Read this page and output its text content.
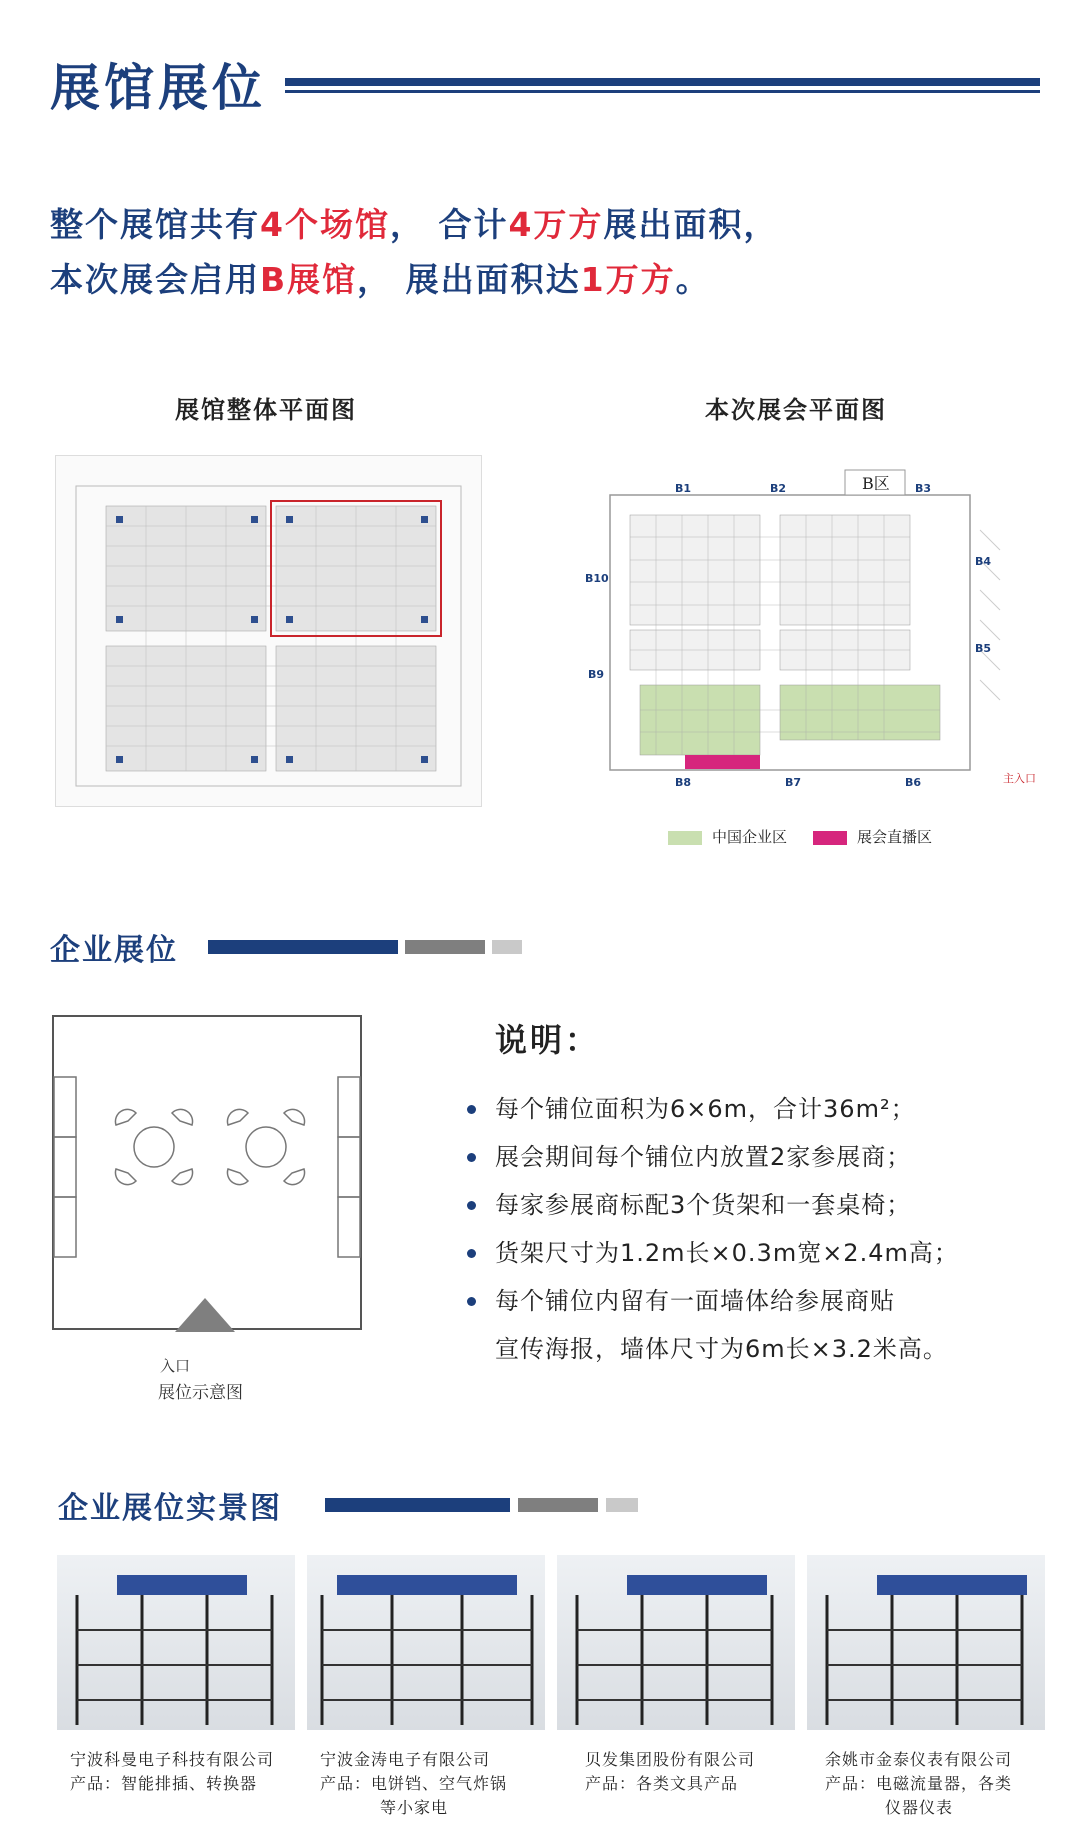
展馆展位
整个展馆共有4个场馆， 合计4万方展出面积，
本次展会启用B展馆， 展出面积达1万方。
展馆整体平面图	本次展会平面图
B区
B1	B2	B3
B4
B5
B6
B7
B8
B9
B10
主入口
中国企业区	展会直播区
企业展位
入口
展位示意图
说明：
每个铺位面积为6×6m，合计36m²；
展会期间每个铺位内放置2家参展商；
每家参展商标配3个货架和一套桌椅；
货架尺寸为1.2m长×0.3m宽×2.4m高；
每个铺位内留有一面墙体给参展商贴
宣传海报，墙体尺寸为6m长×3.2米高。
企业展位实景图
宁波科曼电子科技有限公司
产品：智能排插、转换器
宁波金涛电子有限公司
产品：电饼铛、空气炸锅
等小家电
贝发集团股份有限公司
产品：各类文具产品
余姚市金泰仪表有限公司
产品：电磁流量器，各类
仪器仪表
